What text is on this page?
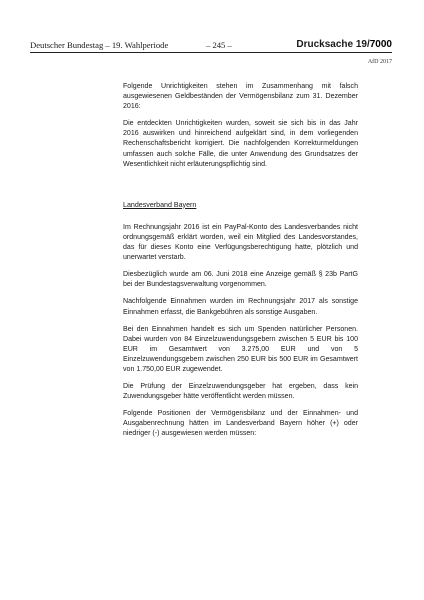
Deutscher Bundestag – 19. Wahlperiode	– 245 –	Drucksache 19/7000
AfD 2017

Folgende Unrichtigkeiten stehen im Zusammenhang mit falsch ausgewiesenen Geldbeständen der Vermögensbilanz zum 31. Dezember 2016:

Die entdeckten Unrichtigkeiten wurden, soweit sie sich bis in das Jahr 2016 auswirken und hinreichend aufgeklärt sind, in dem vorliegenden Rechenschaftsbericht korrigiert. Die nachfolgenden Korrekturmeldungen umfassen auch solche Fälle, die unter Anwendung des Grundsatzes der Wesentlichkeit nicht erläuterungspflichtig sind.

Landesverband Bayern

Im Rechnungsjahr 2016 ist ein PayPal-Konto des Landesverbandes nicht ordnungsgemäß erklärt worden, weil ein Mitglied des Landesvorstandes, das für dieses Konto eine Verfügungsberechtigung hatte, plötzlich und unerwartet verstarb.

Diesbezüglich wurde am 06. Juni 2018 eine Anzeige gemäß § 23b PartG bei der Bundestagsverwaltung vorgenommen.

Nachfolgende Einnahmen wurden im Rechnungsjahr 2017 als sonstige Einnahmen erfasst, die Bankgebühren als sonstige Ausgaben.

Bei den Einnahmen handelt es sich um Spenden natürlicher Personen. Dabei wurden von 84 Einzelzuwendungsgebern zwischen 5 EUR bis 100 EUR im Gesamtwert von 3.275,00 EUR und von 5 Einzelzuwendungsgebern zwischen 250 EUR bis 500 EUR im Gesamtwert von 1.750,00 EUR zugewendet.

Die Prüfung der Einzelzuwendungsgeber hat ergeben, dass kein Zuwendungsgeber hätte veröffentlicht werden müssen.

Folgende Positionen der Vermögensbilanz und der Einnahmen- und Ausgabenrechnung hätten im Landesverband Bayern höher (+) oder niedriger (-) ausgewiesen werden müssen:
